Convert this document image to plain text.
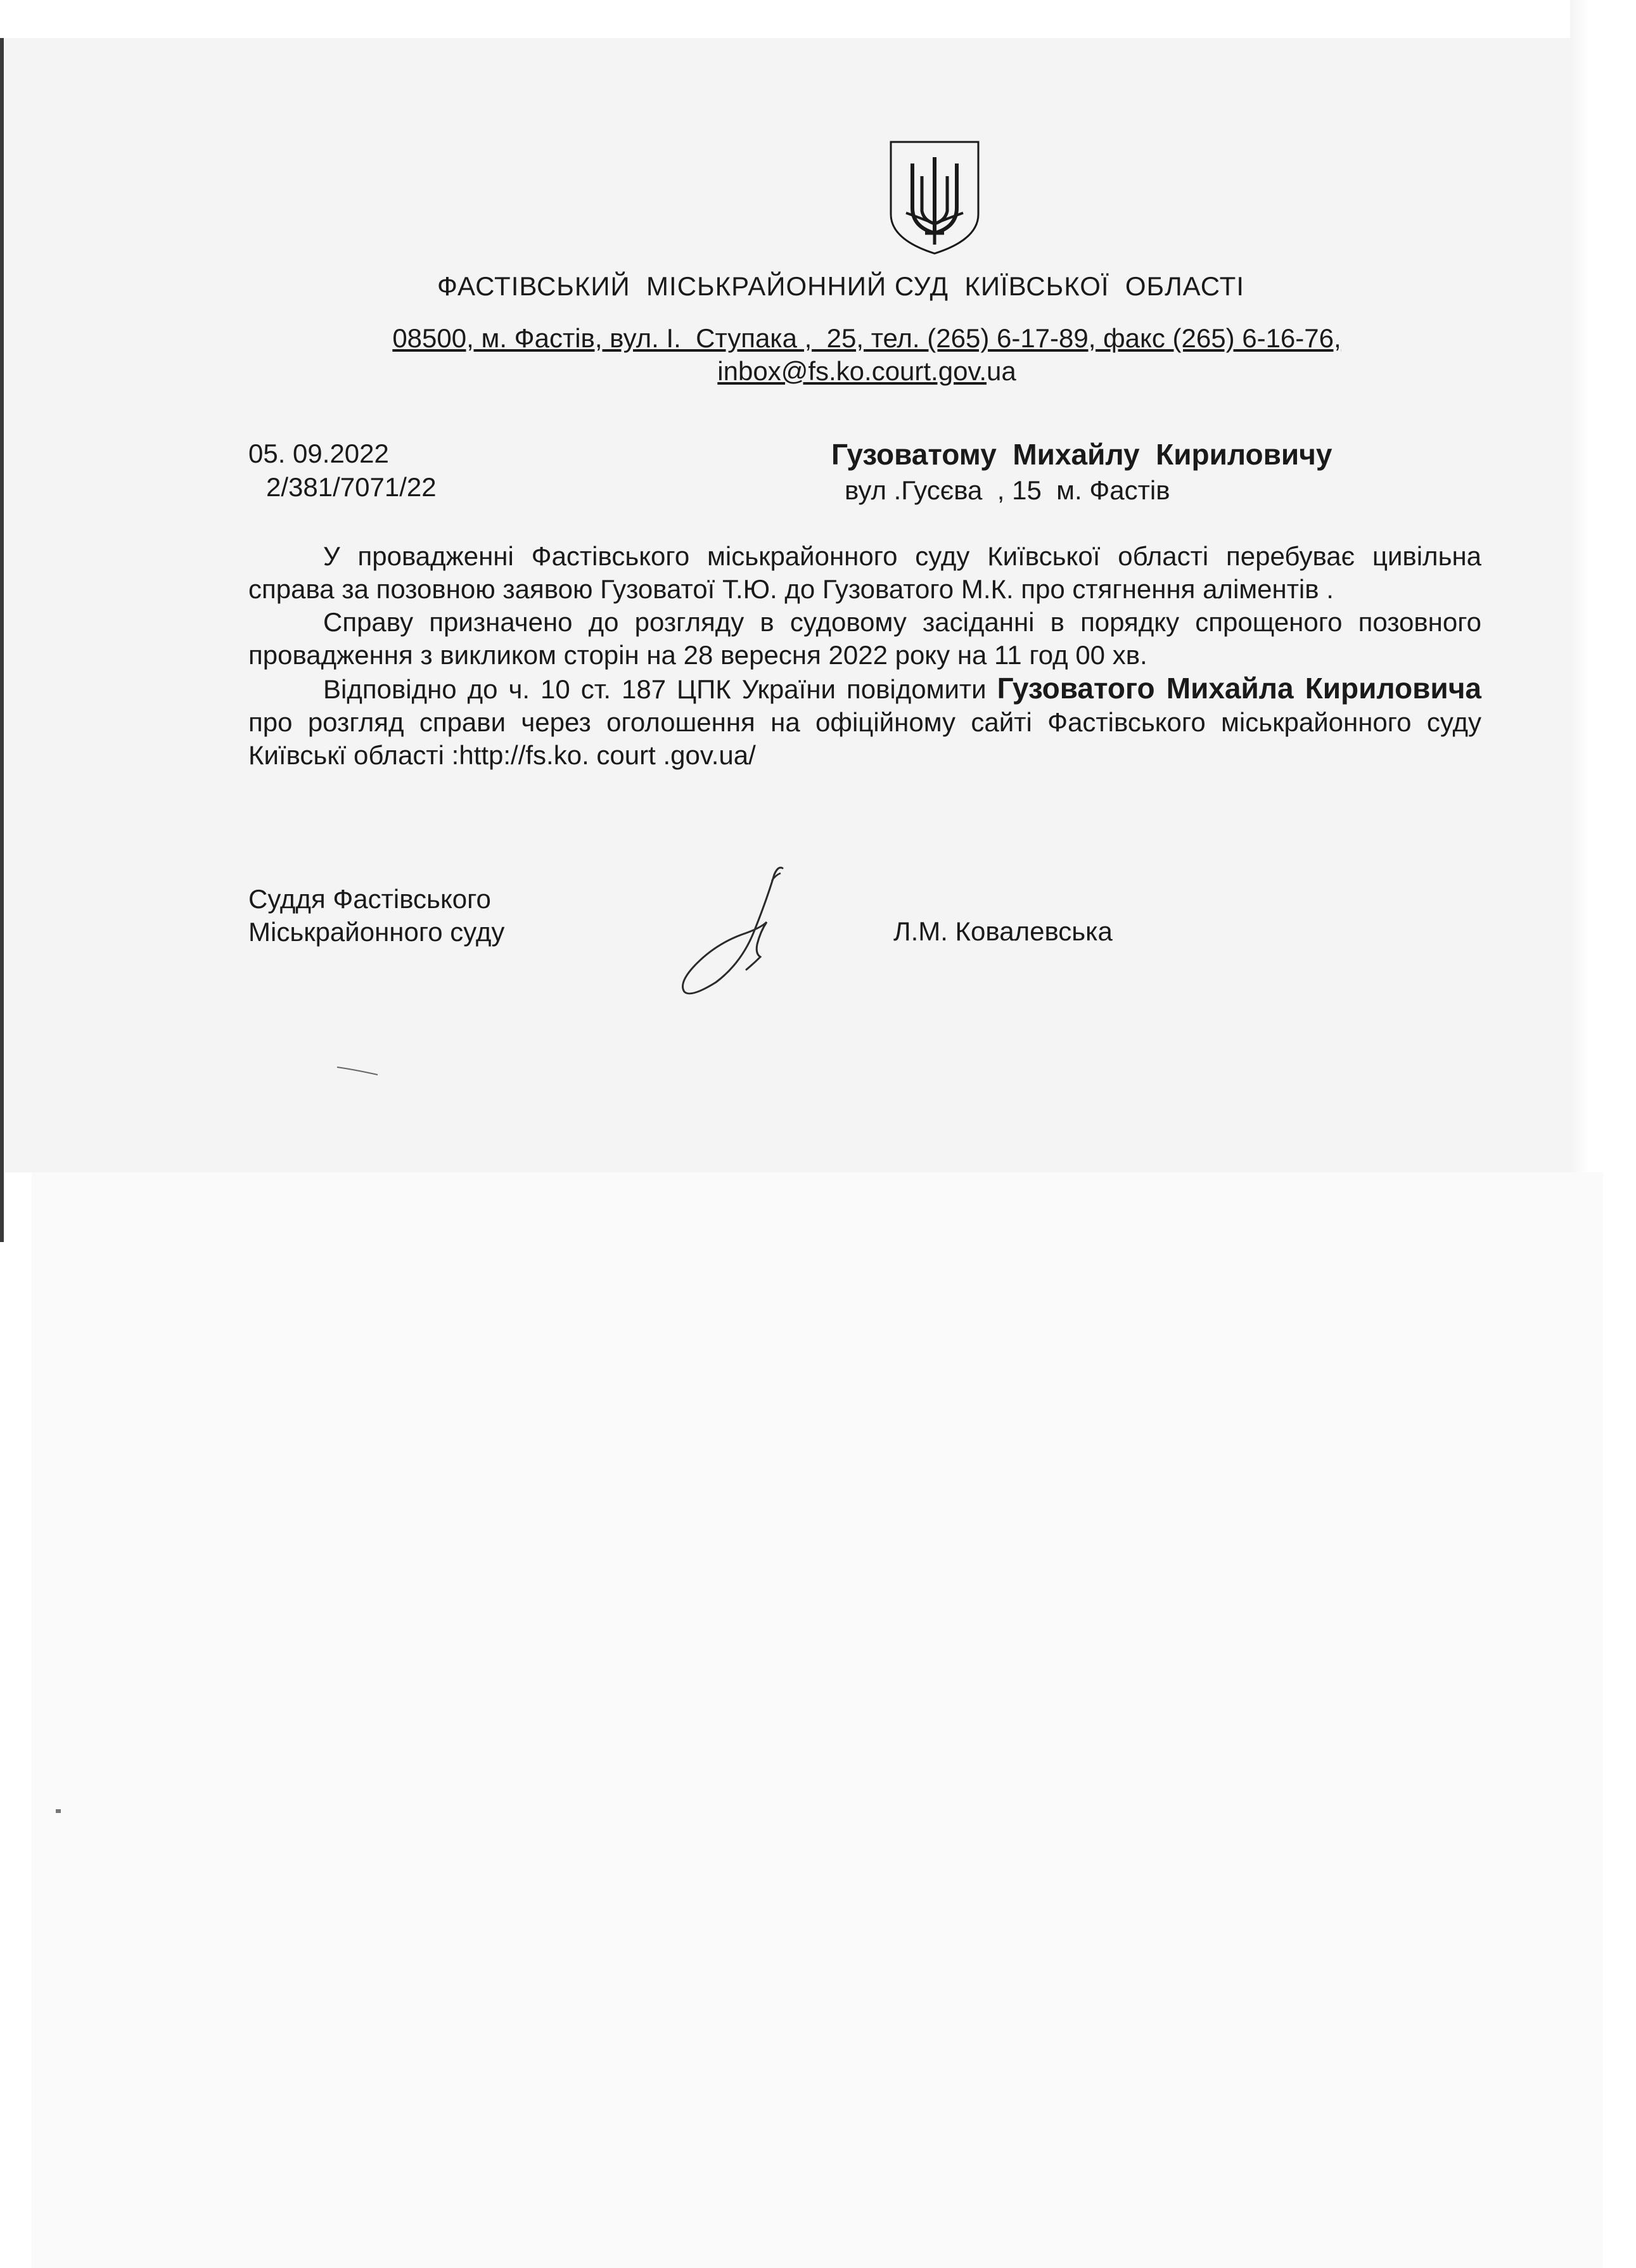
ФАСТІВСЬКИЙ  МІСЬКРАЙОННИЙ СУД  КИЇВСЬКОЇ  ОБЛАСТІ
08500, м. Фастів, вул. І.  Ступака ,  25, тел. (265) 6-17-89, факс (265) 6-16-76,
inbox@fs.ko.court.gov.ua
05. 09.2022
2/381/7071/22
Гузоватому  Михайлу  Кириловичу
вул .Гусєва  , 15  м. Фастів

У провадженні Фастівського міськрайонного суду Київської області перебуває цивільна справа за позовною заявою Гузоватої Т.Ю. до Гузоватого М.К. про стягнення аліментів .

Справу призначено до розгляду в судовому засіданні в порядку спрощеного позовного провадження з викликом сторін на 28 вересня 2022 року на 11 год 00 хв.

Відповідно до ч. 10 ст. 187 ЦПК України повідомити Гузоватого Михайла Кириловича про розгляд справи через оголошення на офіційному сайті Фастівського міськрайонного суду Київськї області :http://fs.ko. court .gov.ua/

Суддя Фастівського
Міськрайонного суду	Л.М. Ковалевська
